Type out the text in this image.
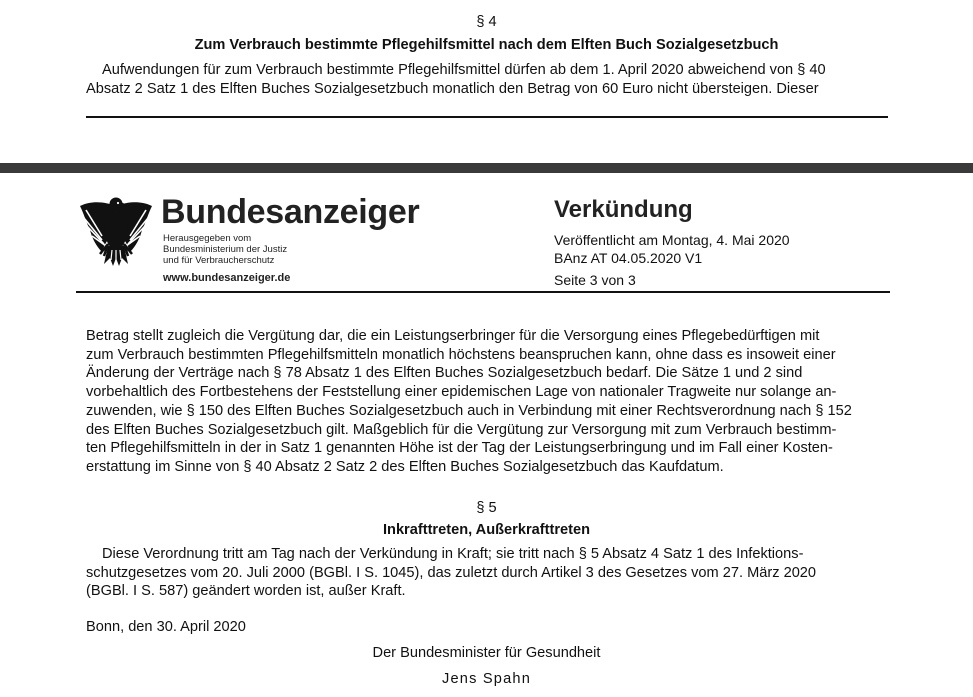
§ 4
Zum Verbrauch bestimmte Pflegehilfsmittel nach dem Elften Buch Sozialgesetzbuch
Aufwendungen für zum Verbrauch bestimmte Pflegehilfsmittel dürfen ab dem 1. April 2020 abweichend von § 40
Absatz 2 Satz 1 des Elften Buches Sozialgesetzbuch monatlich den Betrag von 60 Euro nicht übersteigen. Dieser
Bundesanzeiger
Herausgegeben vom
Bundesministerium der Justiz
und für Verbraucherschutz
www.bundesanzeiger.de
Verkündung
Veröffentlicht am Montag, 4. Mai 2020
BAnz AT 04.05.2020 V1
Seite 3 von 3
Betrag stellt zugleich die Vergütung dar, die ein Leistungserbringer für die Versorgung eines Pflegebedürftigen mit
zum Verbrauch bestimmten Pflegehilfsmitteln monatlich höchstens beanspruchen kann, ohne dass es insoweit einer
Änderung der Verträge nach § 78 Absatz 1 des Elften Buches Sozialgesetzbuch bedarf. Die Sätze 1 und 2 sind
vorbehaltlich des Fortbestehens der Feststellung einer epidemischen Lage von nationaler Tragweite nur solange an-
zuwenden, wie § 150 des Elften Buches Sozialgesetzbuch auch in Verbindung mit einer Rechtsverordnung nach § 152
des Elften Buches Sozialgesetzbuch gilt. Maßgeblich für die Vergütung zur Versorgung mit zum Verbrauch bestimm-
ten Pflegehilfsmitteln in der in Satz 1 genannten Höhe ist der Tag der Leistungserbringung und im Fall einer Kosten-
erstattung im Sinne von § 40 Absatz 2 Satz 2 des Elften Buches Sozialgesetzbuch das Kaufdatum.
§ 5
Inkrafttreten, Außerkrafttreten
Diese Verordnung tritt am Tag nach der Verkündung in Kraft; sie tritt nach § 5 Absatz 4 Satz 1 des Infektions-
schutzgesetzes vom 20. Juli 2000 (BGBl. I S. 1045), das zuletzt durch Artikel 3 des Gesetzes vom 27. März 2020
(BGBl. I S. 587) geändert worden ist, außer Kraft.
Bonn, den 30. April 2020
Der Bundesminister für Gesundheit
Jens Spahn
